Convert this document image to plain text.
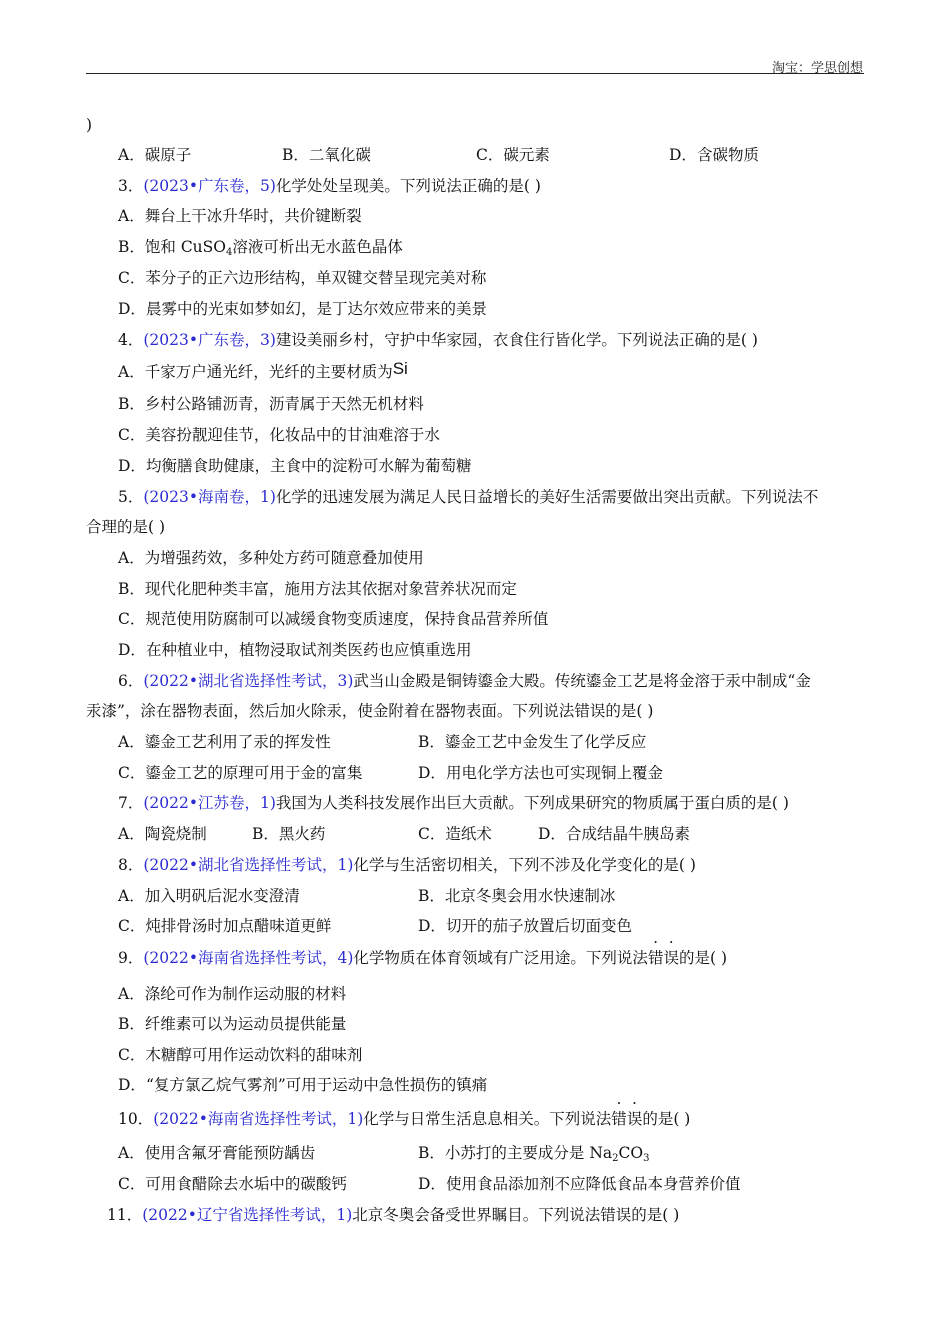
淘宝：学思创想
)
A．碳原子	B．二氧化碳	C．碳元素	D．含碳物质
3．(2023•广东卷，5)化学处处呈现美。下列说法正确的是( )
A．舞台上干冰升华时，共价键断裂
B．饱和 CuSO$_4$溶液可析出无水蓝色晶体
C．苯分子的正六边形结构，单双键交替呈现完美对称
D．晨雾中的光束如梦如幻，是丁达尔效应带来的美景
4．(2023•广东卷，3)建设美丽乡村，守护中华家园，衣食住行皆化学。下列说法正确的是( )
A．千家万户通光纤，光纤的主要材质为Si
B．乡村公路铺沥青，沥青属于天然无机材料
C．美容扮靓迎佳节，化妆品中的甘油难溶于水
D．均衡膳食助健康，主食中的淀粉可水解为葡萄糖
5．(2023•海南卷，1)化学的迅速发展为满足人民日益增长的美好生活需要做出突出贡献。下列说法不
合理的是( )
A．为增强药效，多种处方药可随意叠加使用
B．现代化肥种类丰富，施用方法其依据对象营养状况而定
C．规范使用防腐制可以减缓食物变质速度，保持食品营养所值
D．在种植业中，植物浸取试剂类医药也应慎重选用
6．(2022•湖北省选择性考试，3)武当山金殿是铜铸鎏金大殿。传统鎏金工艺是将金溶于汞中制成“金
汞漆”，涂在器物表面，然后加火除汞，使金附着在器物表面。下列说法错误的是( )
A．鎏金工艺利用了汞的挥发性	B．鎏金工艺中金发生了化学反应
C．鎏金工艺的原理可用于金的富集	D．用电化学方法也可实现铜上覆金
7．(2022•江苏卷，1)我国为人类科技发展作出巨大贡献。下列成果研究的物质属于蛋白质的是( )
A．陶瓷烧制	B．黑火药	C．造纸术	D．合成结晶牛胰岛素
8．(2022•湖北省选择性考试，1)化学与生活密切相关，下列不涉及化学变化的是( )
A．加入明矾后泥水变澄清	B．北京冬奥会用水快速制冰
C．炖排骨汤时加点醋味道更鲜	D．切开的茄子放置后切面变色
9．(2022•海南省选择性考试，4)化学物质在体育领域有广泛用途。下列说法错误的是( )
A．涤纶可作为制作运动服的材料
B．纤维素可以为运动员提供能量
C．木糖醇可用作运动饮料的甜味剂
D．“复方氯乙烷气雾剂”可用于运动中急性损伤的镇痛
10．(2022•海南省选择性考试，1)化学与日常生活息息相关。下列说法错误的是( )
A．使用含氟牙膏能预防龋齿	B．小苏打的主要成分是 $Na_2CO_3$
C．可用食醋除去水垢中的碳酸钙	D．使用食品添加剂不应降低食品本身营养价值
11．(2022•辽宁省选择性考试，1)北京冬奥会备受世界瞩目。下列说法错误的是( )
